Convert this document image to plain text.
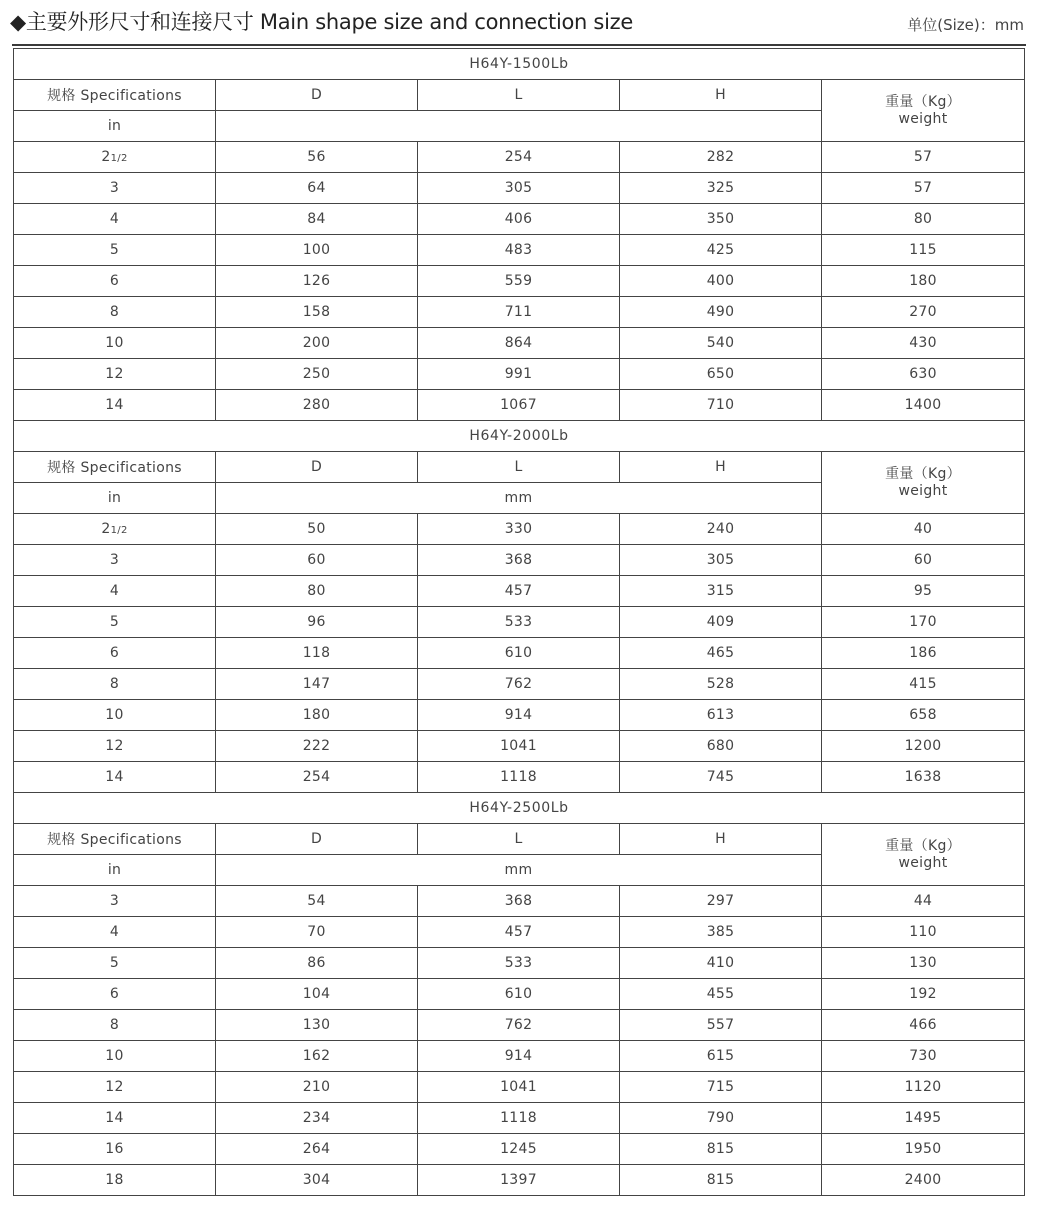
◆主要外形尺寸和连接尺寸 Main shape size and connection size	单位(Size)：mm
H64Y-1500Lb				
规格 Specifications	D	L	H	重量（Kg）
weight

in				
21/2	56	254	282	57
3	64	305	325	57
4	84	406	350	80
5	100	483	425	115
6	126	559	400	180
8	158	711	490	270
10	200	864	540	430
12	250	991	650	630
14	280	1067	710	1400
H64Y-2000Lb				
规格 Specifications	D	L	H	重量（Kg）
weight

in	mm			
21/2	50	330	240	40
3	60	368	305	60
4	80	457	315	95
5	96	533	409	170
6	118	610	465	186
8	147	762	528	415
10	180	914	613	658
12	222	1041	680	1200
14	254	1118	745	1638
H64Y-2500Lb				
规格 Specifications	D	L	H	重量（Kg）
weight

in	mm			
3	54	368	297	44
4	70	457	385	110
5	86	533	410	130
6	104	610	455	192
8	130	762	557	466
10	162	914	615	730
12	210	1041	715	1120
14	234	1118	790	1495
16	264	1245	815	1950
18	304	1397	815	2400
